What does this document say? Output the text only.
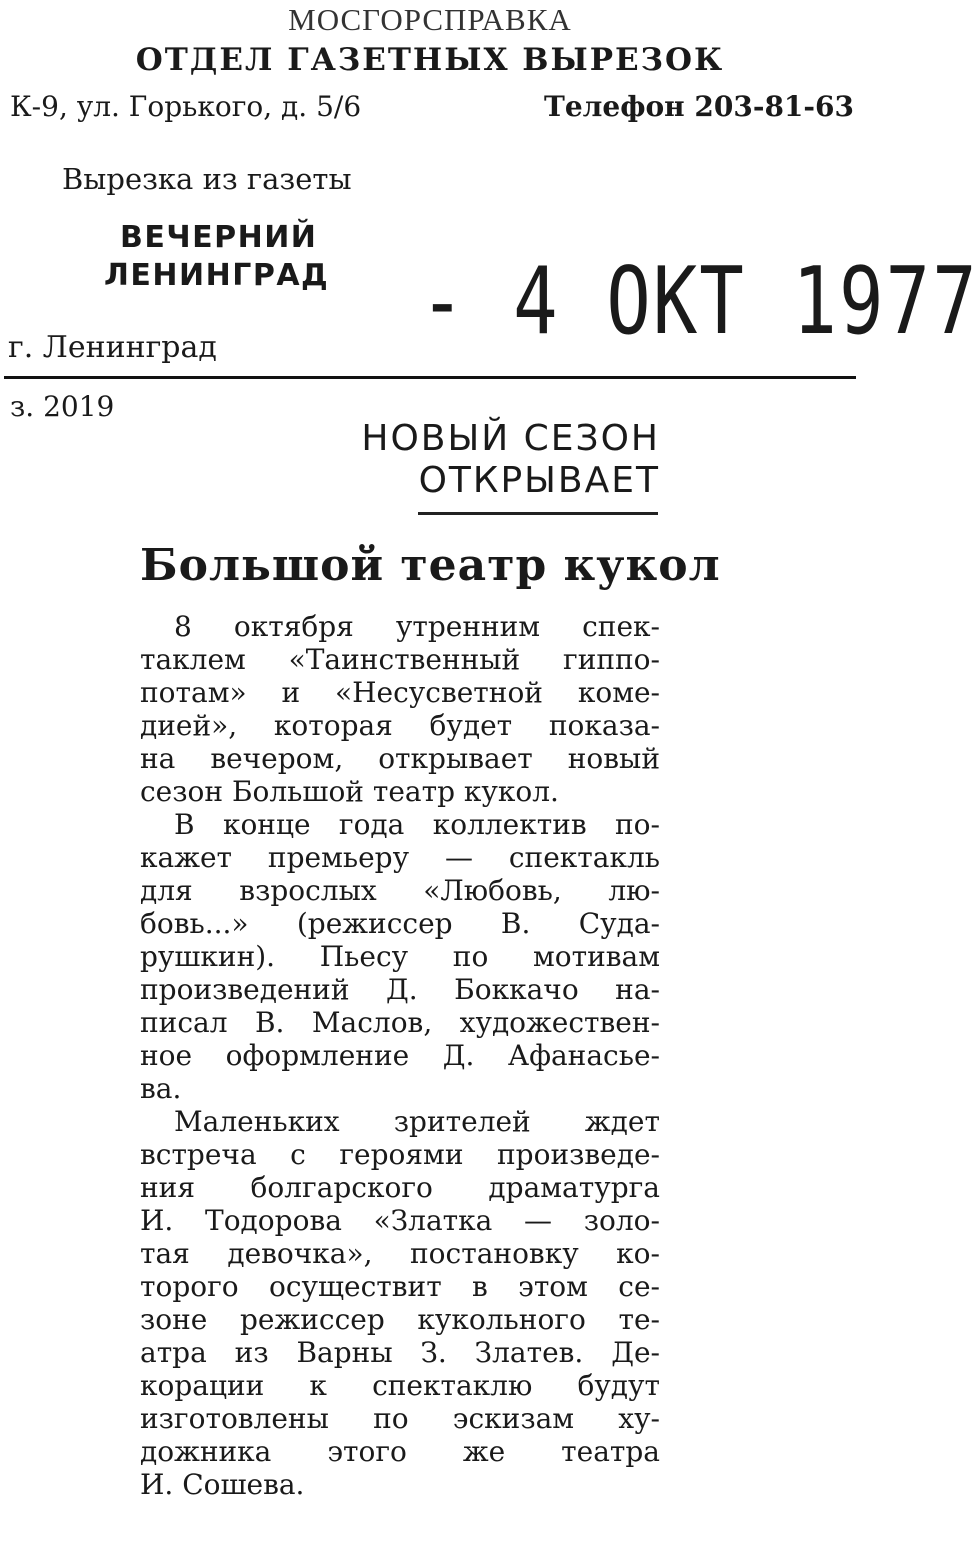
МОСГОРСПРАВКА
ОТДЕЛ ГАЗЕТНЫХ ВЫРЕЗОК
К-9, ул. Горького, д. 5/6	Телефон 203-81-63
Вырезка из газеты
ВЕЧЕРНИЙ
ЛЕНИНГРАД - 4 ОКТ 1977
г. Ленинград
з. 2019
НОВЫЙ СЕЗОН
ОТКРЫВАЕТ
Большой театр кукол
8 октября утренним спек-
таклем «Таинственный гиппо-
потам» и «Несусветной коме-
дией», которая будет показа-
на вечером, открывает новый
сезон Большой театр кукол.
В конце года коллектив по-
кажет премьеру — спектакль
для взрослых «Любовь, лю-
бовь...» (режиссер В. Суда-
рушкин). Пьесу по мотивам
произведений Д. Боккачо на-
писал В. Маслов, художествен-
ное оформление Д. Афанасье-
ва.
Маленьких зрителей ждет
встреча с героями произведе-
ния болгарского драматурга
И. Тодорова «Златка — золо-
тая девочка», постановку ко-
торого осуществит в этом се-
зоне режиссер кукольного те-
атра из Варны З. Златев. Де-
корации к спектаклю будут
изготовлены по эскизам ху-
дожника этого же театра
И. Сошева.
